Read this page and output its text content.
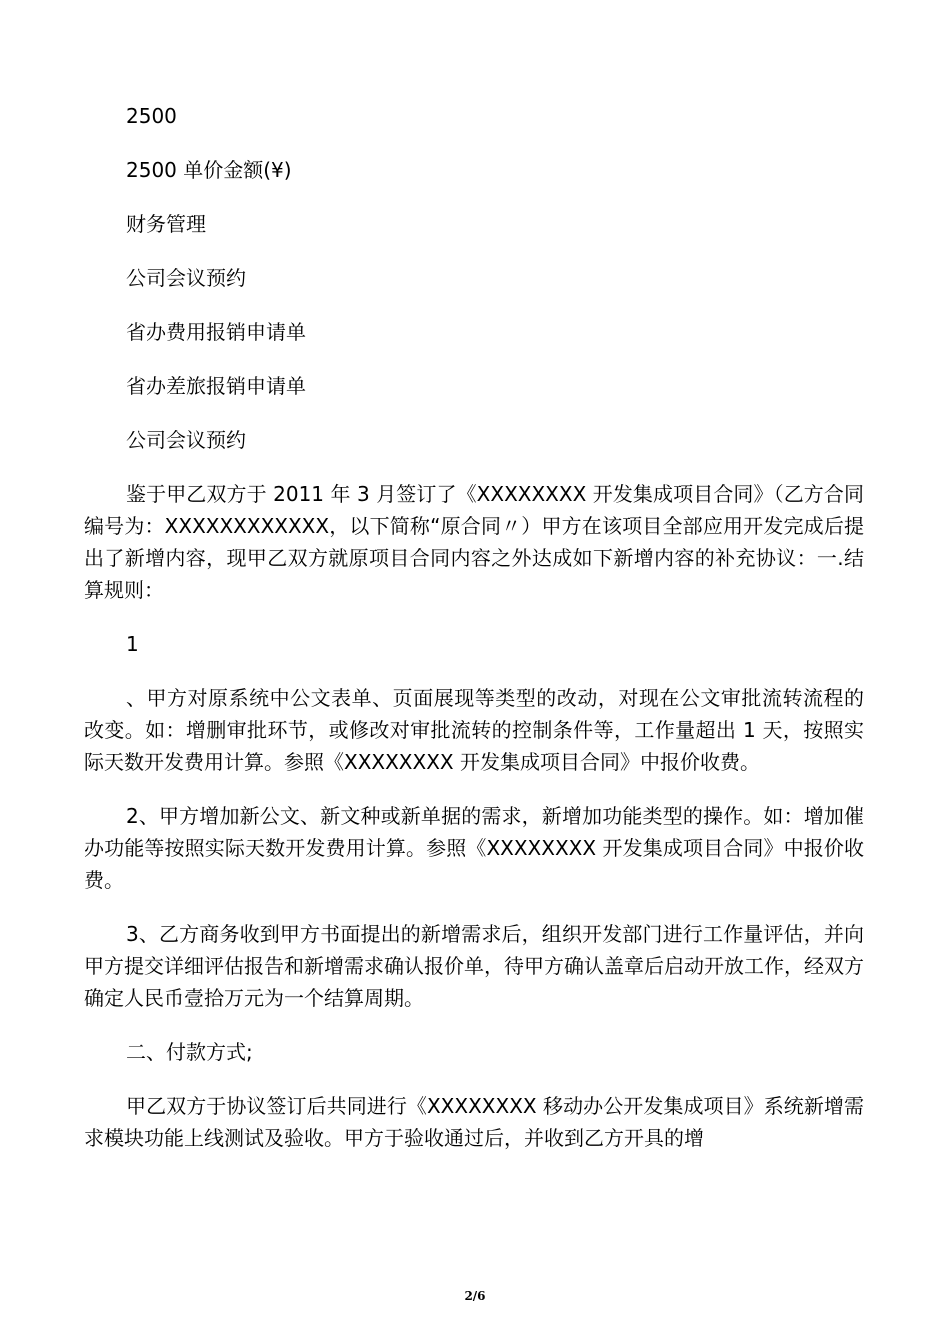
2500

2500 单价金额(¥)

财务管理

公司会议预约

省办费用报销申请单

省办差旅报销申请单

公司会议预约

鉴于甲乙双方于 2011 年 3 月签订了《XXXXXXXX 开发集成项目合同》（乙方合同编号为：XXXXXXXXXXXX，以下简称“原合同〃）甲方在该项目全部应用开发完成后提出了新增内容，现甲乙双方就原项目合同内容之外达成如下新增内容的补充协议：一.结算规则：

1

、甲方对原系统中公文表单、页面展现等类型的改动，对现在公文审批流转流程的改变。如：增删审批环节，或修改对审批流转的控制条件等，工作量超出 1 天，按照实际天数开发费用计算。参照《XXXXXXXX 开发集成项目合同》中报价收费。

2、甲方增加新公文、新文种或新单据的需求，新增加功能类型的操作。如：增加催办功能等按照实际天数开发费用计算。参照《XXXXXXXX 开发集成项目合同》中报价收费。

3、乙方商务收到甲方书面提出的新增需求后，组织开发部门进行工作量评估，并向甲方提交详细评估报告和新增需求确认报价单，待甲方确认盖章后启动开放工作，经双方确定人民币壹拾万元为一个结算周期。

二、付款方式;

甲乙双方于协议签订后共同进行《XXXXXXXX 移动办公开发集成项目》系统新增需求模块功能上线测试及验收。甲方于验收通过后，并收到乙方开具的增

2/6
